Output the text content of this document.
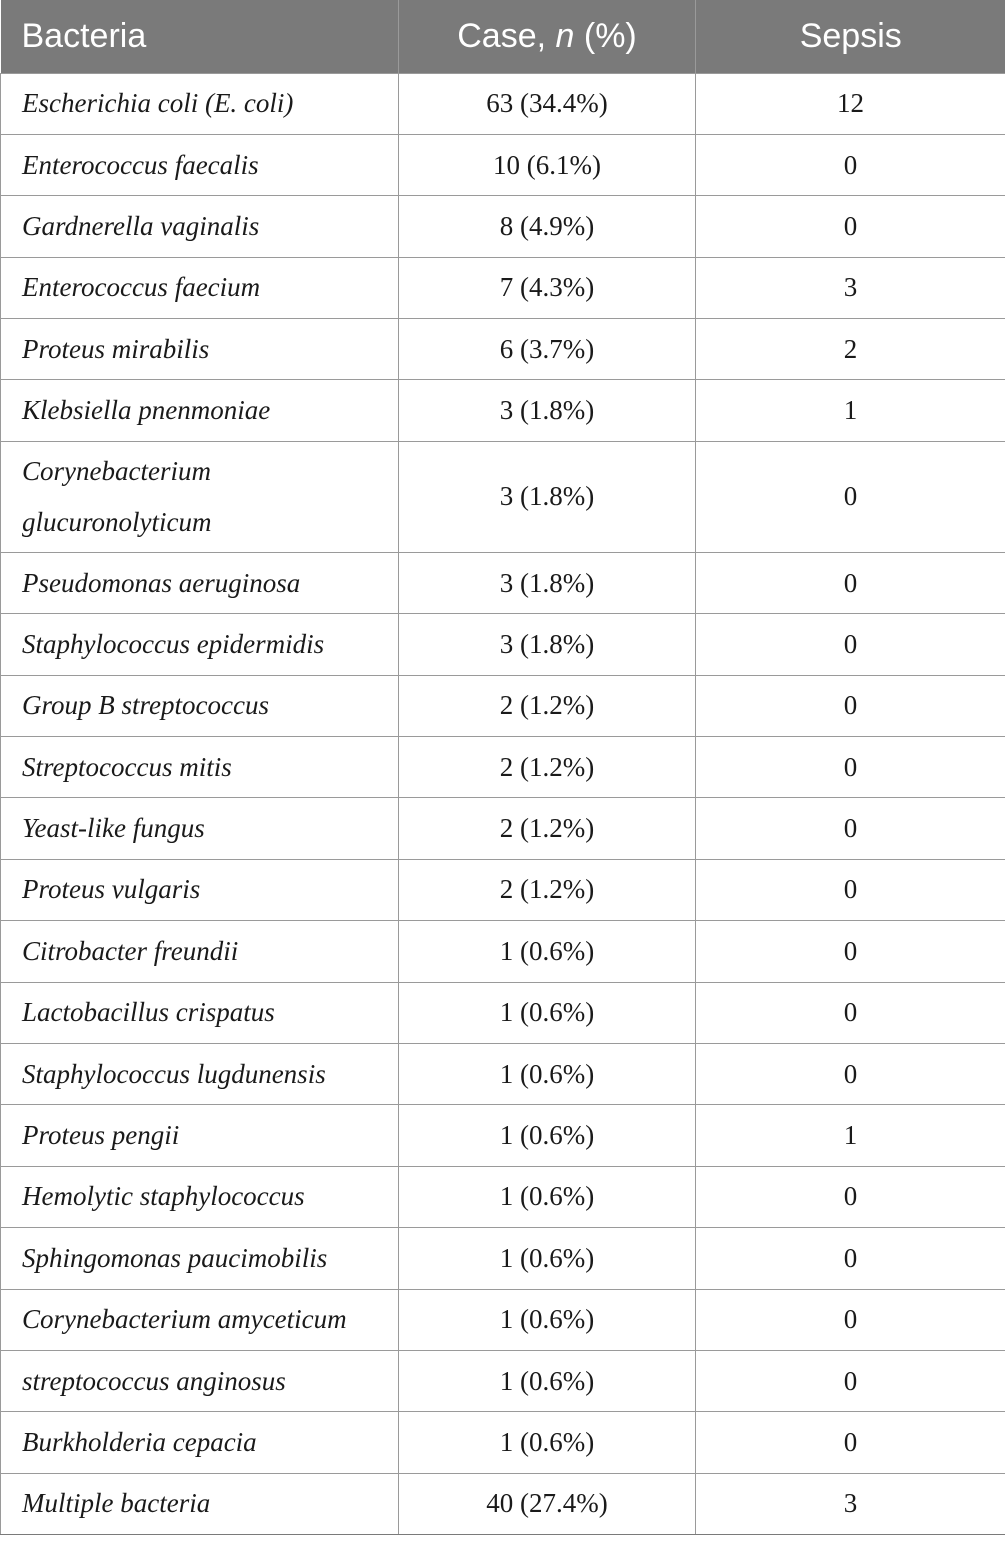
Bacteria	Case, n (%)	Sepsis
Escherichia coli (E. coli)	63 (34.4%)	12
Enterococcus faecalis	10 (6.1%)	0
Gardnerella vaginalis	8 (4.9%)	0
Enterococcus faecium	7 (4.3%)	3
Proteus mirabilis	6 (3.7%)	2
Klebsiella pnenmoniae	3 (1.8%)	1
Corynebacterium glucuronolyticum	3 (1.8%)	0
Pseudomonas aeruginosa	3 (1.8%)	0
Staphylococcus epidermidis	3 (1.8%)	0
Group B streptococcus	2 (1.2%)	0
Streptococcus mitis	2 (1.2%)	0
Yeast-like fungus	2 (1.2%)	0
Proteus vulgaris	2 (1.2%)	0
Citrobacter freundii	1 (0.6%)	0
Lactobacillus crispatus	1 (0.6%)	0
Staphylococcus lugdunensis	1 (0.6%)	0
Proteus pengii	1 (0.6%)	1
Hemolytic staphylococcus	1 (0.6%)	0
Sphingomonas paucimobilis	1 (0.6%)	0
Corynebacterium amyceticum	1 (0.6%)	0
streptococcus anginosus	1 (0.6%)	0
Burkholderia cepacia	1 (0.6%)	0
Multiple bacteria	40 (27.4%)	3
